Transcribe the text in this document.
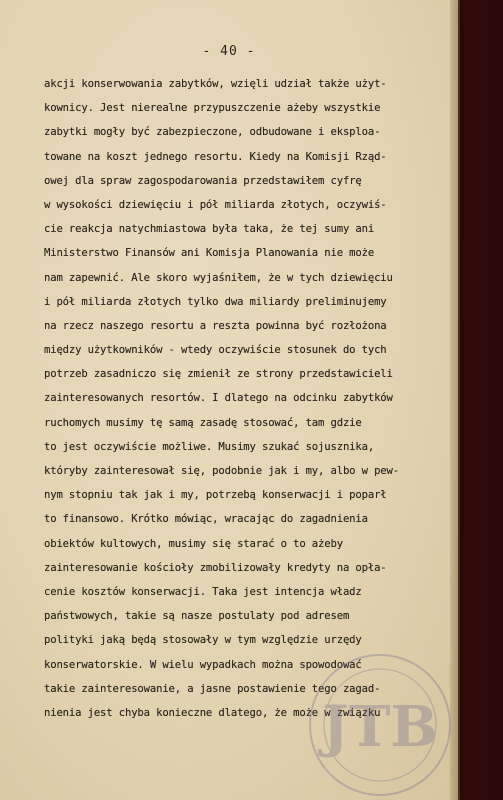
- 40 -
akcji konserwowania zabytków, wzięli udział także użyt-
kownicy. Jest nierealne przypuszczenie ażeby wszystkie
zabytki mogły być zabezpieczone, odbudowane i eksploa-
towane na koszt jednego resortu. Kiedy na Komisji Rząd-
owej dla spraw zagospodarowania przedstawiłem cyfrę
w wysokości dziewięciu i pół miliarda złotych, oczywiś-
cie reakcja natychmiastowa była taka, że tej sumy ani
Ministerstwo Finansów ani Komisja Planowania nie może
nam zapewnić. Ale skoro wyjaśniłem, że w tych dziewięciu
i pół miliarda złotych tylko dwa miliardy preliminujemy
na rzecz naszego resortu a reszta powinna być rozłożona
między użytkowników - wtedy oczywiście stosunek do tych
potrzeb zasadniczo się zmienił ze strony przedstawicieli
zainteresowanych resortów. I dlatego na odcinku zabytków
ruchomych musimy tę samą zasadę stosować, tam gdzie
to jest oczywiście możliwe. Musimy szukać sojusznika,
któryby zainteresował się, podobnie jak i my, albo w pew-
nym stopniu tak jak i my, potrzebą konserwacji i poparł
to finansowo. Krótko mówiąc, wracając do zagadnienia
obiektów kultowych, musimy się starać o to ażeby
zainteresowanie kościoły zmobilizowały kredyty na opła-
cenie kosztów konserwacji. Taka jest intencja władz
państwowych, takie są nasze postulaty pod adresem
polityki jaką będą stosowały w tym względzie urzędy
konserwatorskie. W wielu wypadkach można spowodować
takie zainteresowanie, a jasne postawienie tego zagad-
nienia jest chyba konieczne dlatego, że może w związku
JTB
